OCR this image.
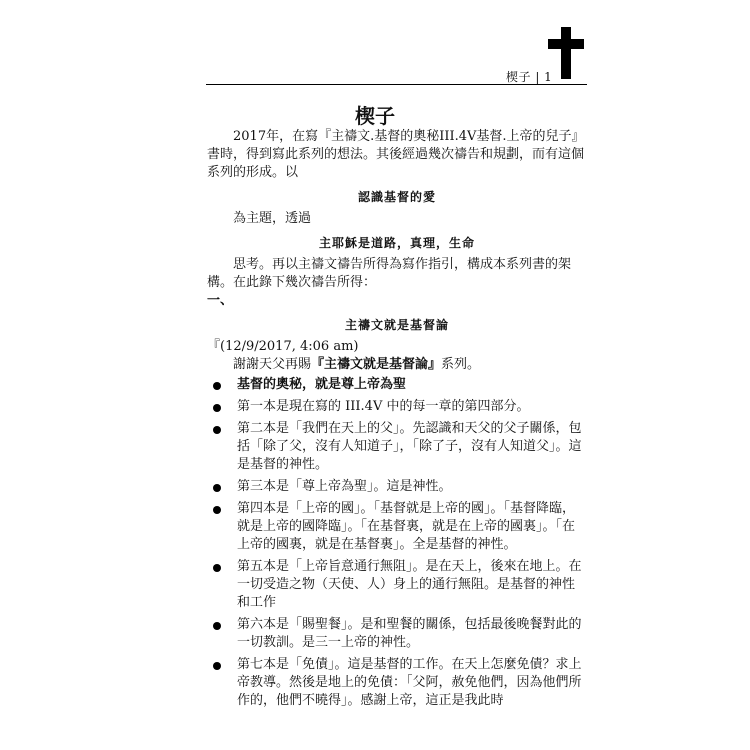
楔子 | 1
楔子

2017年，在寫『主禱文.基督的奧秘III.4V基督.上帝的兒子』書時，得到寫此系列的想法。其後經過幾次禱告和規劃，而有這個系列的形成。以

認識基督的愛

為主題，透過

主耶穌是道路，真理，生命

思考。再以主禱文禱告所得為寫作指引，構成本系列書的架構。在此錄下幾次禱告所得：

一、

主禱文就是基督論

『(12/9/2017, 4:06 am)

謝謝天父再賜『主禱文就是基督論』系列。

基督的奧秘，就是尊上帝為聖
第一本是現在寫的 III.4V 中的每一章的第四部分。
第二本是「我們在天上的父」。先認識和天父的父子關係，包括「除了父，沒有人知道子」，「除了子，沒有人知道父」。這是基督的神性。
第三本是「尊上帝為聖」。這是神性。
第四本是「上帝的國」。「基督就是上帝的國」。「基督降臨，就是上帝的國降臨」。「在基督裏，就是在上帝的國裏」。「在上帝的國裏，就是在基督裏」。全是基督的神性。
第五本是「上帝旨意通行無阻」。是在天上，後來在地上。在一切受造之物（天使、人）身上的通行無阻。是基督的神性和工作
第六本是「賜聖餐」。是和聖餐的關係，包括最後晚餐對此的一切教訓。是三一上帝的神性。
第七本是「免債」。這是基督的工作。在天上怎麼免債？求上帝教導。然後是地上的免債：「父阿，赦免他們，因為他們所作的，他們不曉得」。感謝上帝，這正是我此時
